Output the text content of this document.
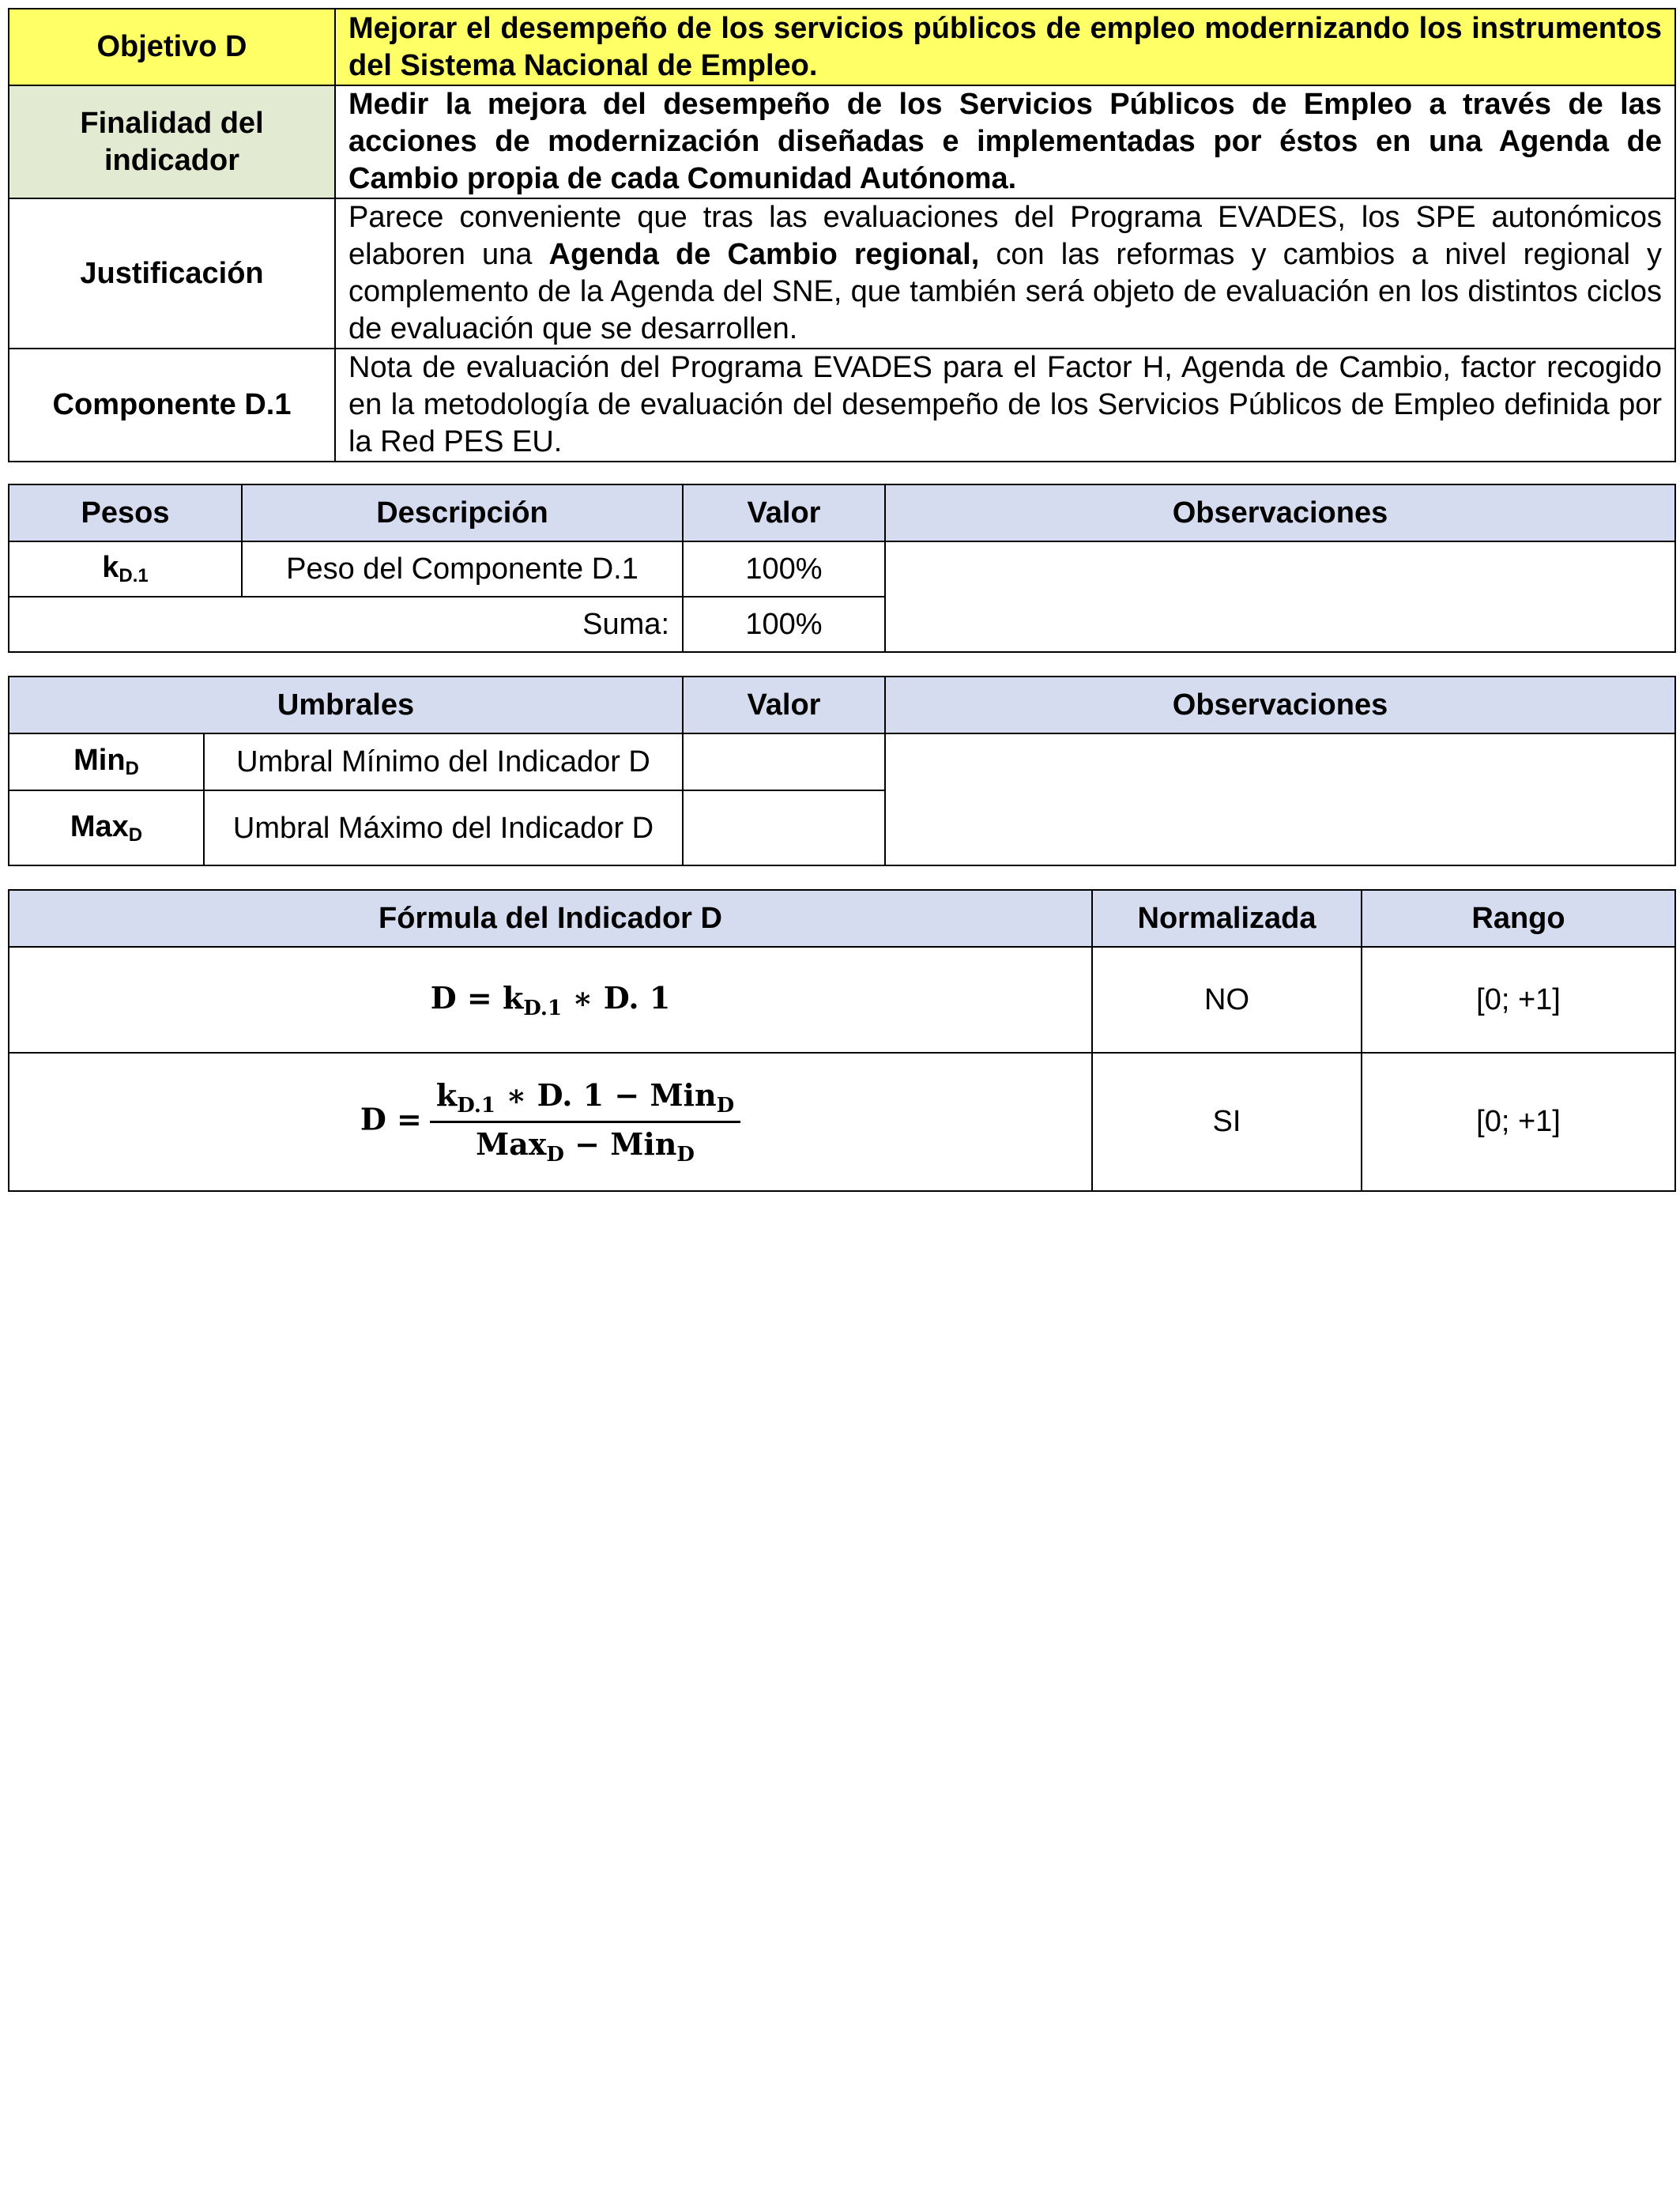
Objetivo D	Mejorar el desempeño de los servicios públicos de empleo modernizando los instrumentos del Sistema Nacional de Empleo.
Finalidad del indicador	Medir la mejora del desempeño de los Servicios Públicos de Empleo a través de las acciones de modernización diseñadas e implementadas por éstos en una Agenda de Cambio propia de cada Comunidad Autónoma.
Justificación	Parece conveniente que tras las evaluaciones del Programa EVADES, los SPE autonómicos elaboren una Agenda de Cambio regional, con las reformas y cambios a nivel regional y complemento de la Agenda del SNE, que también será objeto de evaluación en los distintos ciclos de evaluación que se desarrollen.
Componente D.1	Nota de evaluación del Programa EVADES para el Factor H, Agenda de Cambio, factor recogido en la metodología de evaluación del desempeño de los Servicios Públicos de Empleo definida por la Red PES EU.
Pesos	Descripción	Valor	Observaciones
$k_{D.1}$	Peso del Componente D.1	100%	
Suma:		100%	
Umbrales		Valor	Observaciones
Min$_D$	Umbral Mínimo del Indicador D		
Max$_D$	Umbral Máximo del Indicador D		
Fórmula del Indicador D	Normalizada	Rango
$D = k_{D.1}$ ∗ D. 1	NO	[0; +1]
$D = \frac{k_{D.1} ∗ D. 1 - Min_D}{Max_D - Min_D}$	SI	[0; +1]
